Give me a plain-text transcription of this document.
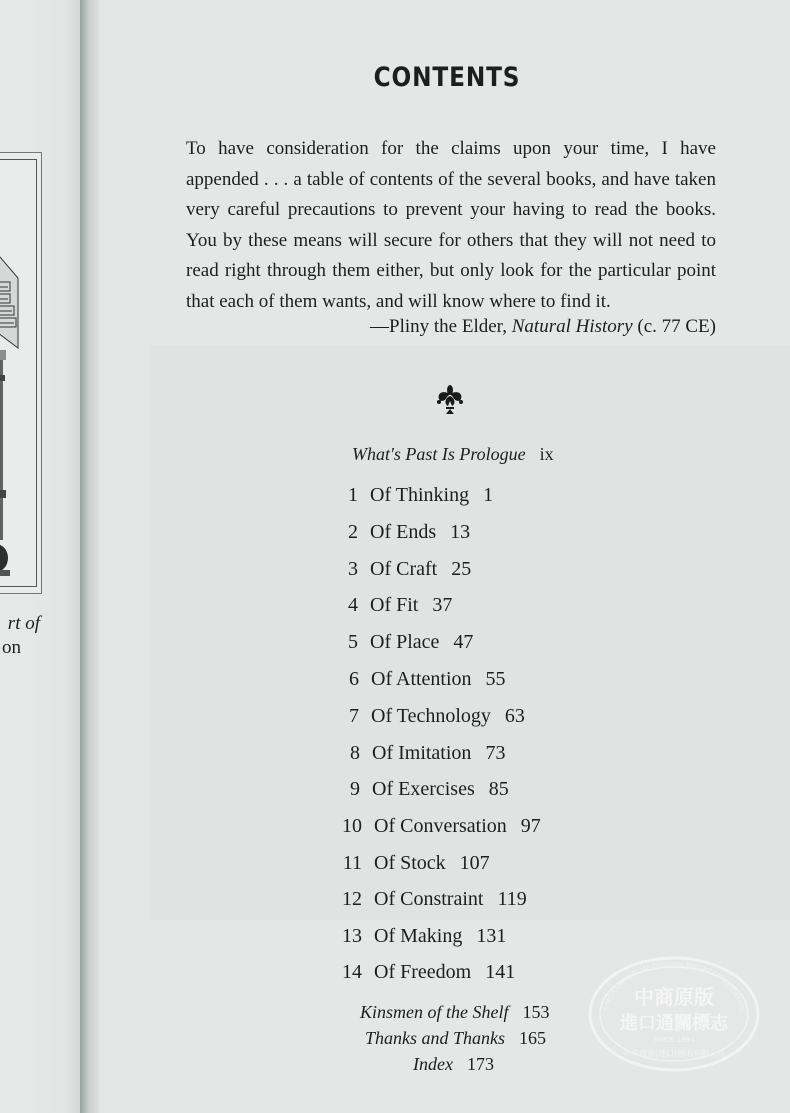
rt of
on
CONTENTS

To have consideration for the claims upon your time, I have appended . . . a table of contents of the several books, and have taken very careful precautions to prevent your having to read the books. You by these means will secure for others that they will not need to read right through them either, but only look for the particular point that each of them wants, and will know where to find it.

—Pliny the Elder, Natural History (c. 77 CE)
What's Past Is Prologue ix
1 Of Thinking 1
2 Of Ends 13
3 Of Craft 25
4 Of Fit 37
5 Of Place 47
6 Of Attention 55
7 Of Technology 63
8 Of Imitation 73
9 Of Exercises 85
10 Of Conversation 97
11 Of Stock 107
12 Of Constraint 119
13 Of Making 131
14 Of Freedom 141
Kinsmen of the Shelf 153
Thanks and Thanks 165
Index 173
SINO-COMMERCIAL ORIGINAL IMPORT CERTIFICATION
中商原版
進口通關標志
SINCE 1994
中华商务(进口)图书有限公司
